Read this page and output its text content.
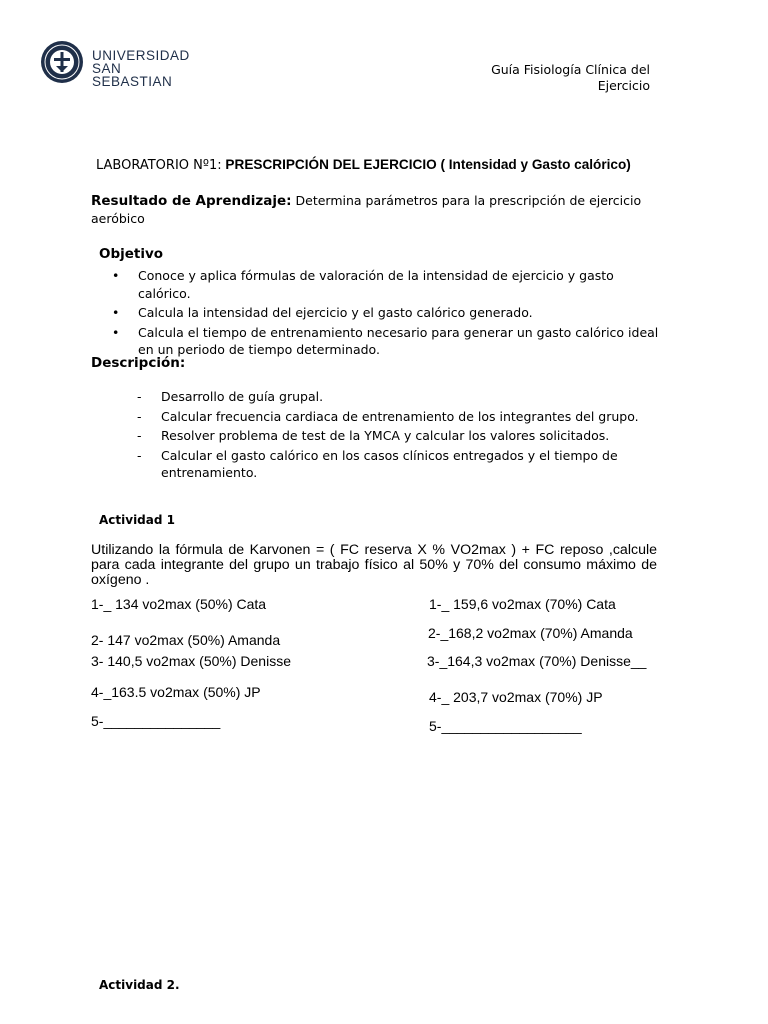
UNIVERSIDAD
SAN SEBASTIAN
Guía Fisiología Clínica del
Ejercicio
LABORATORIO Nº1: PRESCRIPCIÓN DEL EJERCICIO ( Intensidad y Gasto calórico)
Resultado de Aprendizaje: Determina parámetros para la prescripción de ejercicio aeróbico
Objetivo
• Conoce y aplica fórmulas de valoración de la intensidad de ejercicio y gasto calórico.
• Calcula la intensidad del ejercicio y el gasto calórico generado.
• Calcula el tiempo de entrenamiento necesario para generar un gasto calórico ideal en un periodo de tiempo determinado.
Descripción:
- Desarrollo de guía grupal.
- Calcular frecuencia cardiaca de entrenamiento de los integrantes del grupo.
- Resolver problema de test de la YMCA y calcular los valores solicitados.
- Calcular el gasto calórico en los casos clínicos entregados y el tiempo de entrenamiento.
Actividad 1
Utilizando la fórmula de Karvonen = ( FC reserva X % VO2max ) + FC reposo ,calcule para cada integrante del grupo un trabajo físico al 50% y 70% del consumo máximo de oxígeno .
1-_ 134 vo2max (50%) Cata
2- 147 vo2max (50%) Amanda
3- 140,5 vo2max (50%) Denisse
4-_163.5 vo2max (50%) JP
5-_______________
1-_ 159,6 vo2max (70%) Cata
2-_168,2 vo2max (70%) Amanda
3-_164,3 vo2max (70%) Denisse__
4-_ 203,7 vo2max (70%) JP
5-__________________
Actividad 2.
